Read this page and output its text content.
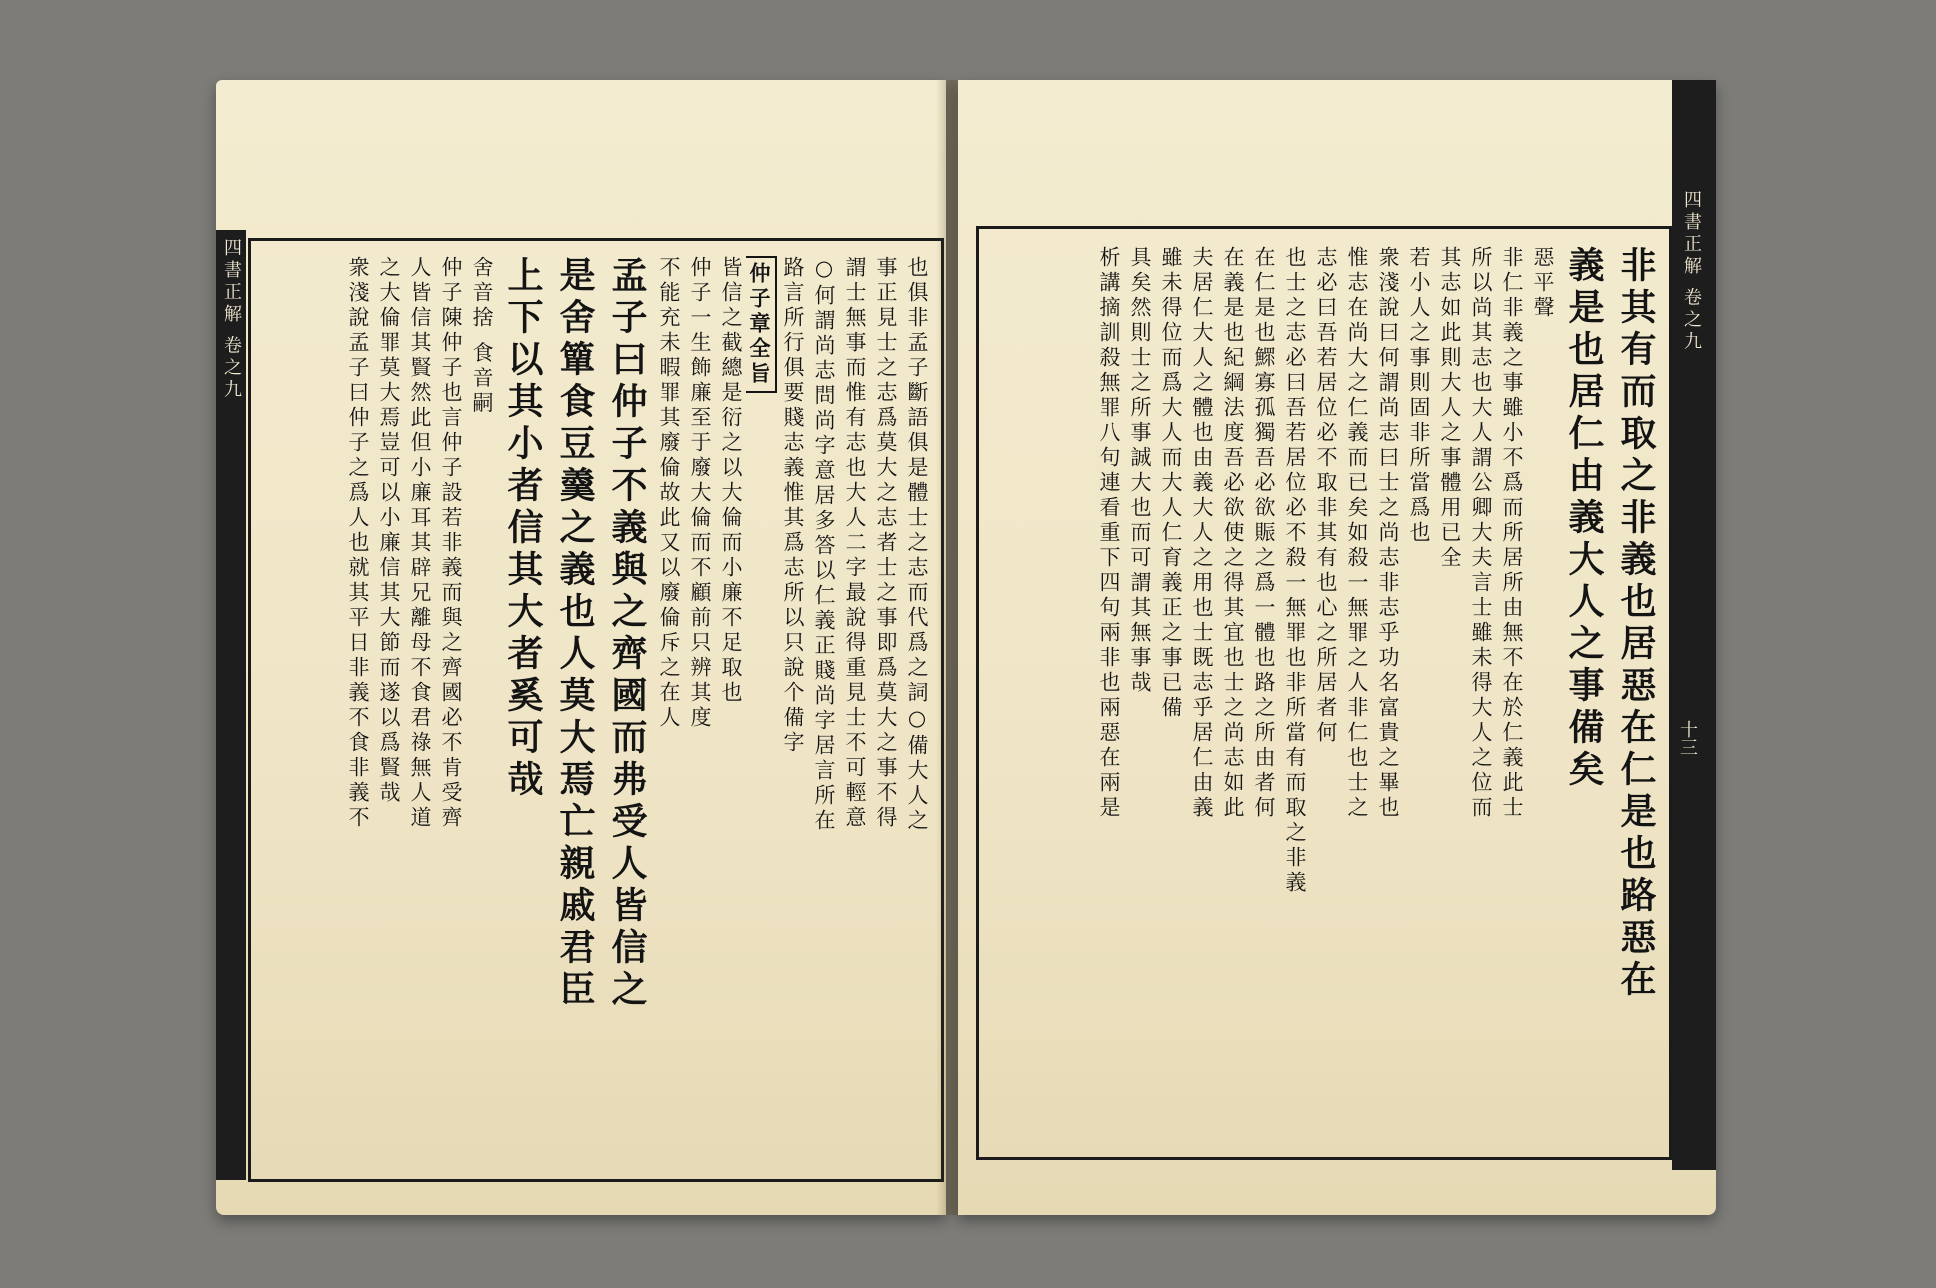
四書正解 卷之九	也俱非孟子斷語俱是體士之志而代爲之詞○備大人之
事正見士之志爲莫大之志者士之事即爲莫大之事不得
謂士無事而惟有志也大人二字最說得重見士不可輕意
○何謂尚志問尚字意居多答以仁義正賤尚字居言所在
路言所行俱要賤志義惟其爲志所以只說个備字
仲子章全旨
皆信之截總是衍之以大倫而小廉不足取也
仲子一生飾廉至于廢大倫而不顧前只辨其度
不能充未暇罪其廢倫故此又以廢倫斥之在人
孟子曰仲子不義與之齊國而弗受人皆信之
是舍簞食豆羹之義也人莫大焉亡親戚君臣
上下以其小者信其大者奚可哉
舍音捨 食音嗣
仲子陳仲子也言仲子設若非義而與之齊國必不肯受齊
人皆信其賢然此但小廉耳其辟兄離母不食君祿無人道
之大倫罪莫大焉豈可以小廉信其大節而遂以爲賢哉
衆淺說孟子曰仲子之爲人也就其平日非義不食非義不	非其有而取之非義也居惡在仁是也路惡在
義是也居仁由義大人之事備矣
惡平聲
非仁非義之事雖小不爲而所居所由無不在於仁義此士
所以尚其志也大人謂公卿大夫言士雖未得大人之位而
其志如此則大人之事體用已全
若小人之事則固非所當爲也
衆淺說曰何謂尚志曰士之尚志非志乎功名富貴之畢也
惟志在尚大之仁義而已矣如殺一無罪之人非仁也士之
志必曰吾若居位必不取非其有也心之所居者何
也士之志必曰吾若居位必不殺一無罪也非所當有而取之非義
在仁是也鰥寡孤獨吾必欲賑之爲一體也路之所由者何
在義是也紀綱法度吾必欲使之得其宜也士之尚志如此
夫居仁大人之體也由義大人之用也士既志乎居仁由義
雖未得位而爲大人而大人仁育義正之事已備
具矣然則士之所事誠大也而可謂其無事哉
析講摘訓殺無罪八句連看重下四句兩非也兩惡在兩是	四書正解 卷之九
十三
